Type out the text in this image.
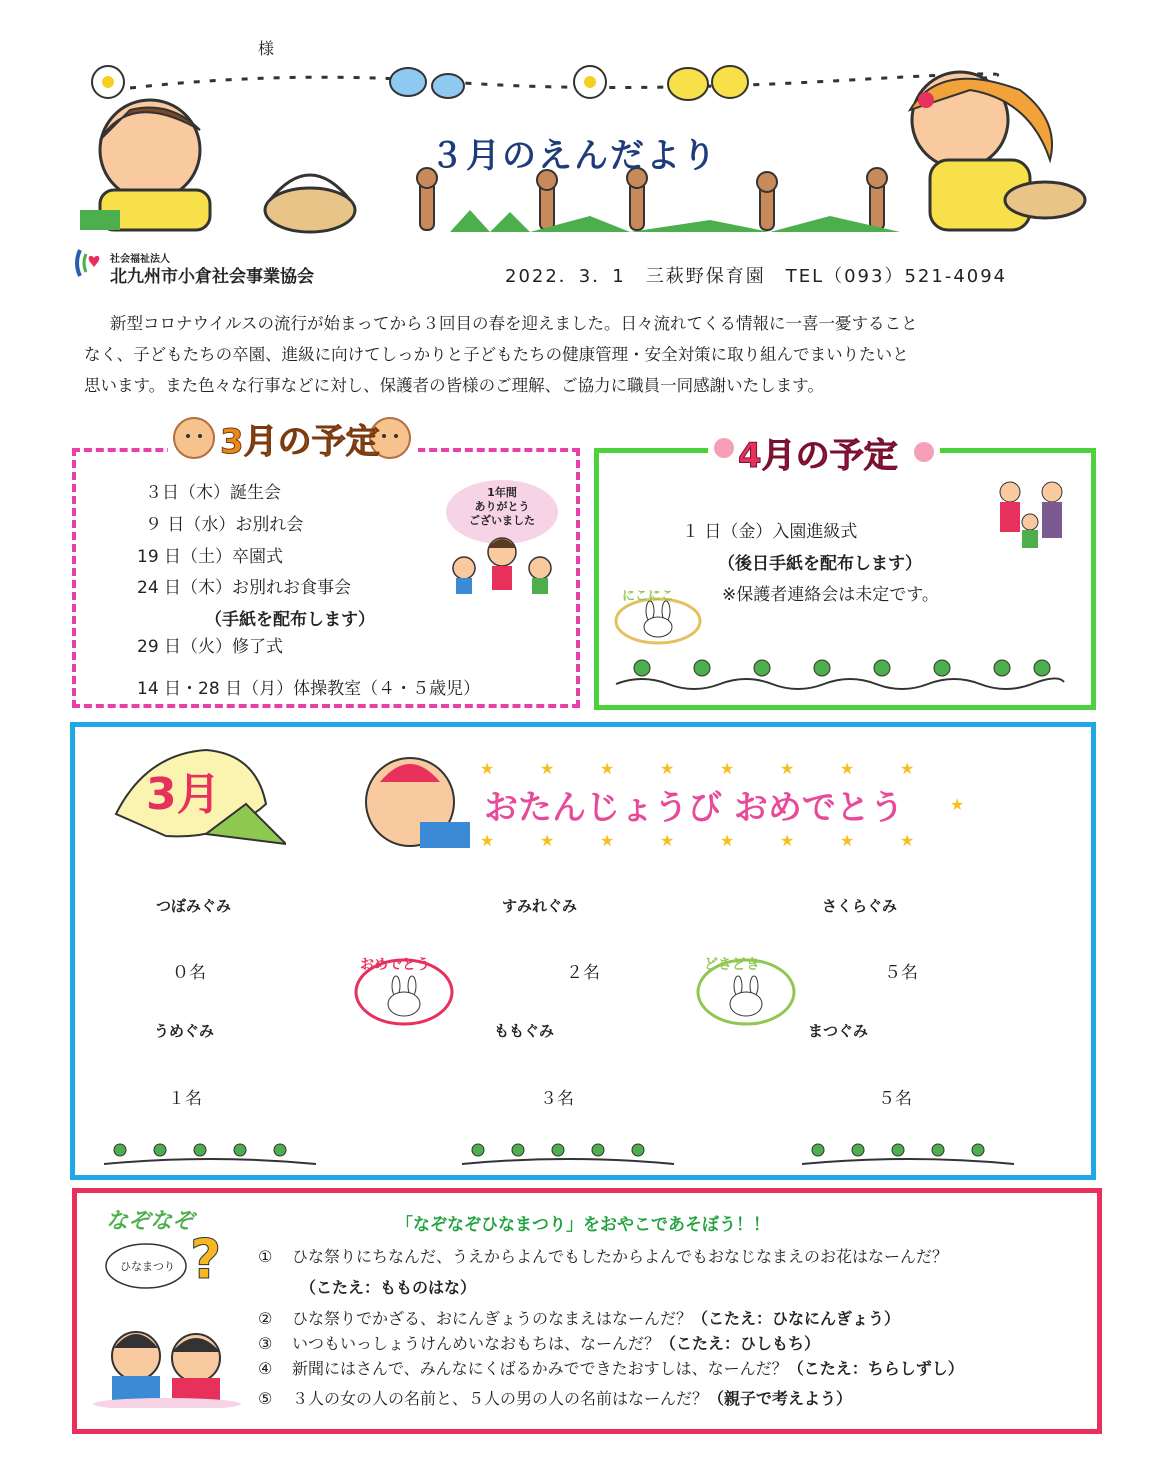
様
３月のえんだより
社会福祉法人
北九州市小倉社会事業協会	2022．3．1　三萩野保育園　TEL（093）521-4094
新型コロナウイルスの流行が始まってから３回目の春を迎えました。日々流れてくる情報に一喜一憂すること
なく、子どもたちの卒園、進級に向けてしっかりと子どもたちの健康管理・安全対策に取り組んでまいりたいと
思います。また色々な行事などに対し、保護者の皆様のご理解、ご協力に職員一同感謝いたします。
3月の予定
３日（木）誕生会
９ 日（水）お別れ会
19 日（土）卒園式
24 日（木）お別れお食事会
（手紙を配布します）
29 日（火）修了式
14 日・28 日（月）体操教室（４・５歳児）
1年間
ありがとう
ございました
4月の予定
１ 日（金）入園進級式
（後日手紙を配布します）
※保護者連絡会は未定です。
にこにこ
3月
★	★	★	★	★	★	★	★
★
★	★	★	★	★	★	★	★
おたんじょうび おめでとう
つぼみぐみ	すみれぐみ	さくらぐみ
０名	２名	５名
うめぐみ	ももぐみ	まつぐみ
１名	３名	５名
おめでとう	どきどき
?
なぞなぞ
ひなまつり
「なぞなぞひなまつり」をおやこであそぼう！！
① ひな祭りにちなんだ、うえからよんでもしたからよんでもおなじなまえのお花はなーんだ？
（こたえ：もものはな）
② ひな祭りでかざる、おにんぎょうのなまえはなーんだ？（こたえ：ひなにんぎょう）
③ いつもいっしょうけんめいなおもちは、なーんだ？（こたえ：ひしもち）
④ 新聞にはさんで、みんなにくばるかみでできたおすしは、なーんだ？（こたえ：ちらしずし）
⑤ ３人の女の人の名前と、５人の男の人の名前はなーんだ？（親子で考えよう）
